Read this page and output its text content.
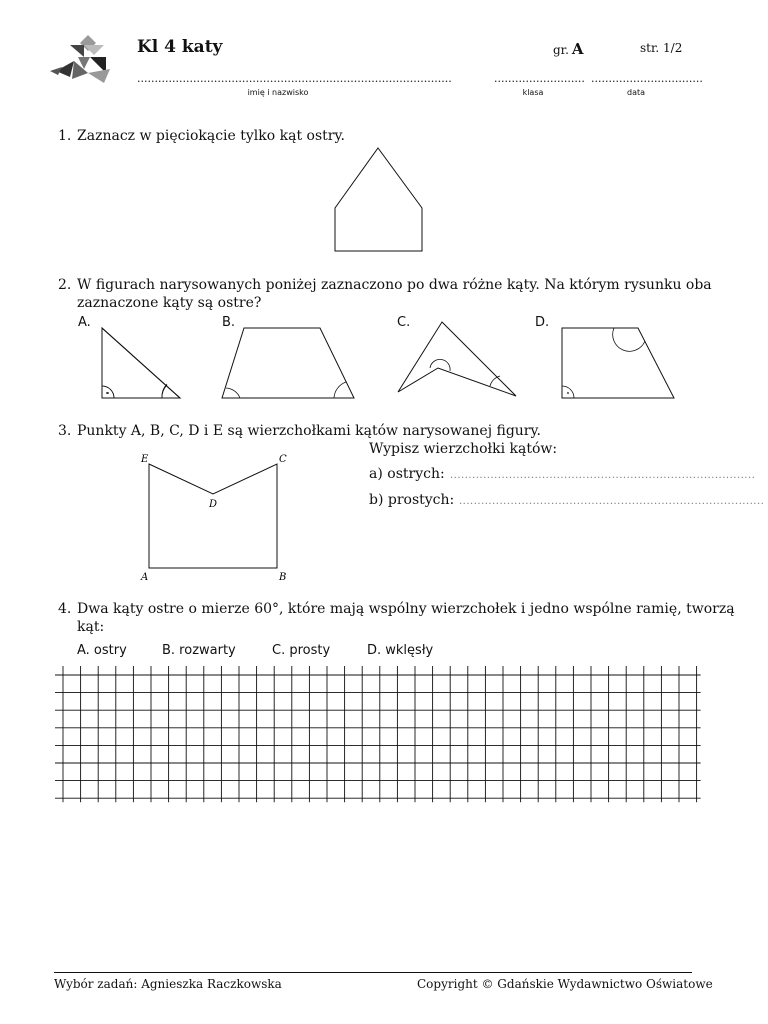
Kl 4 katy	gr. A	str. 1/2
..........................................................................................	.......................... ................................
imię i nazwisko	klasa	data
1. Zaznacz w pięciokącie tylko kąt ostry.
2. W figurach narysowanych poniżej zaznaczono po dwa różne kąty. Na którym rysunku oba
zaznaczone kąty są ostre?
A.	B.	C.	D.
3. Punkty A, B, C, D i E są wierzchołkami kątów narysowanej figury.
E	C
D
A	B
Wypisz wierzchołki kątów:
a) ostrych: ...................................................................................
b) prostych: ...................................................................................
4. Dwa kąty ostre o mierze 60°, które mają wspólny wierzchołek i jedno wspólne ramię, tworzą
kąt:
A. ostry	B. rozwarty	C. prosty	D. wklęsły
Wybór zadań: Agnieszka Raczkowska	Copyright © Gdańskie Wydawnictwo Oświatowe
